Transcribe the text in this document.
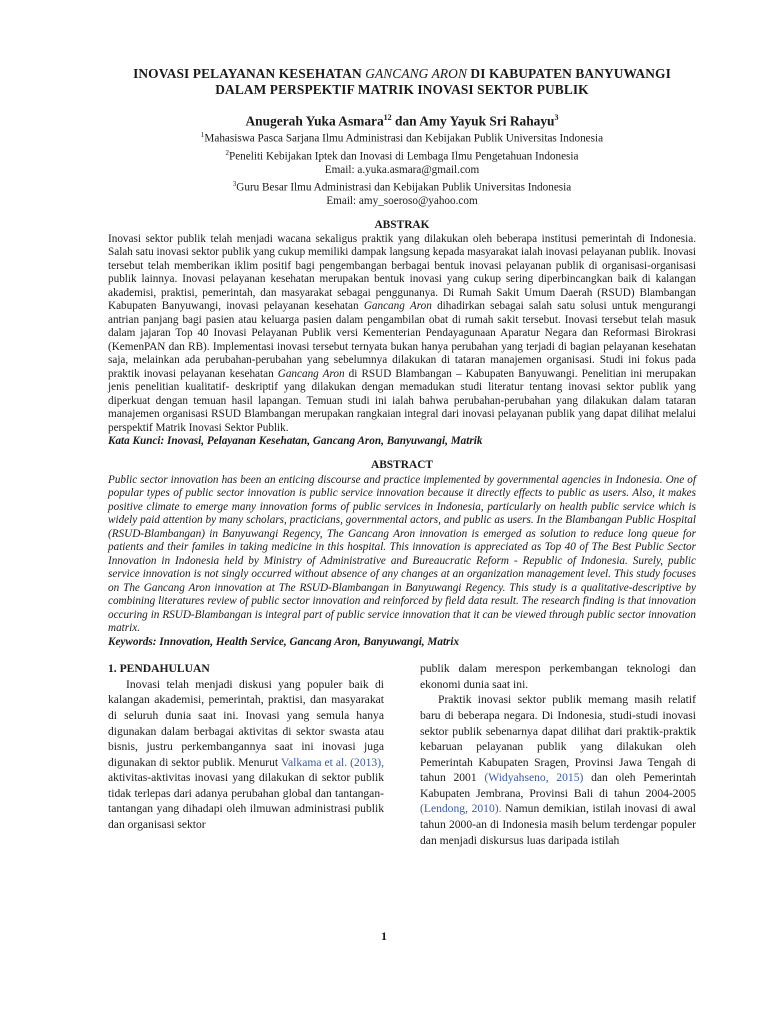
INOVASI PELAYANAN KESEHATAN GANCANG ARON DI KABUPATEN BANYUWANGI
DALAM PERSPEKTIF MATRIK INOVASI SEKTOR PUBLIK
Anugerah Yuka Asmara$^{12}$ dan Amy Yayuk Sri Rahayu$^3$
$^1$Mahasiswa Pasca Sarjana Ilmu Administrasi dan Kebijakan Publik Universitas Indonesia
$^2$Peneliti Kebijakan Iptek dan Inovasi di Lembaga Ilmu Pengetahuan Indonesia
Email: a.yuka.asmara@gmail.com
$^3$Guru Besar Ilmu Administrasi dan Kebijakan Publik Universitas Indonesia
Email: amy_soeroso@yahoo.com
ABSTRAK

Inovasi sektor publik telah menjadi wacana sekaligus praktik yang dilakukan oleh beberapa institusi pemerintah di Indonesia. Salah satu inovasi sektor publik yang cukup memiliki dampak langsung kepada masyarakat ialah inovasi pelayanan publik. Inovasi tersebut telah memberikan iklim positif bagi pengembangan berbagai bentuk inovasi pelayanan publik di organisasi-organisasi publik lainnya. Inovasi pelayanan kesehatan merupakan bentuk inovasi yang cukup sering diperbincangkan baik di kalangan akademisi, praktisi, pemerintah, dan masyarakat sebagai penggunanya. Di Rumah Sakit Umum Daerah (RSUD) Blambangan Kabupaten Banyuwangi, inovasi pelayanan kesehatan Gancang Aron dihadirkan sebagai salah satu solusi untuk mengurangi antrian panjang bagi pasien atau keluarga pasien dalam pengambilan obat di rumah sakit tersebut. Inovasi tersebut telah masuk dalam jajaran Top 40 Inovasi Pelayanan Publik versi Kementerian Pendayagunaan Aparatur Negara dan Reformasi Birokrasi (KemenPAN dan RB). Implementasi inovasi tersebut ternyata bukan hanya perubahan yang terjadi di bagian pelayanan kesehatan saja, melainkan ada perubahan-perubahan yang sebelumnya dilakukan di tataran manajemen organisasi. Studi ini fokus pada praktik inovasi pelayanan kesehatan Gancang Aron di RSUD Blambangan – Kabupaten Banyuwangi. Penelitian ini merupakan jenis penelitian kualitatif- deskriptif yang dilakukan dengan memadukan studi literatur tentang inovasi sektor publik yang diperkuat dengan temuan hasil lapangan. Temuan studi ini ialah bahwa perubahan-perubahan yang dilakukan dalam tataran manajemen organisasi RSUD Blambangan merupakan rangkaian integral dari inovasi pelayanan publik yang dapat dilihat melalui perspektif Matrik Inovasi Sektor Publik.

Kata Kunci: Inovasi, Pelayanan Kesehatan, Gancang Aron, Banyuwangi, Matrik
ABSTRACT

Public sector innovation has been an enticing discourse and practice implemented by governmental agencies in Indonesia. One of popular types of public sector innovation is public service innovation because it directly effects to public as users. Also, it makes positive climate to emerge many innovation forms of public services in Indonesia, particularly on health public service which is widely paid attention by many scholars, practicians, governmental actors, and public as users. In the Blambangan Public Hospital (RSUD-Blambangan) in Banyuwangi Regency, The Gancang Aron innovation is emerged as solution to reduce long queue for patients and their familes in taking medicine in this hospital. This innovation is appreciated as Top 40 of The Best Public Sector Innovation in Indonesia held by Ministry of Administrative and Bureaucratic Reform - Republic of Indonesia. Surely, public service innovation is not singly occurred without absence of any changes at an organization management level. This study focuses on The Gancang Aron innovation at The RSUD-Blambangan in Banyuwangi Regency. This study is a qualitative-descriptive by combining literatures review of public sector innovation and reinforced by field data result. The research finding is that innovation occuring in RSUD-Blambangan is integral part of public service innovation that it can be viewed through public sector innovation matrix.

Keywords: Innovation, Health Service, Gancang Aron, Banyuwangi, Matrix
1. PENDAHULUAN

Inovasi telah menjadi diskusi yang populer baik di kalangan akademisi, pemerintah, praktisi, dan masyarakat di seluruh dunia saat ini. Inovasi yang semula hanya digunakan dalam berbagai aktivitas di sektor swasta atau bisnis, justru perkembangannya saat ini inovasi juga digunakan di sektor publik. Menurut Valkama et al. (2013), aktivitas-aktivitas inovasi yang dilakukan di sektor publik tidak terlepas dari adanya perubahan global dan tantangan-tantangan yang dihadapi oleh ilmuwan administrasi publik dan organisasi sektor

publik dalam merespon perkembangan teknologi dan ekonomi dunia saat ini.

Praktik inovasi sektor publik memang masih relatif baru di beberapa negara. Di Indonesia, studi-studi inovasi sektor publik sebenarnya dapat dilihat dari praktik-praktik kebaruan pelayanan publik yang dilakukan oleh Pemerintah Kabupaten Sragen, Provinsi Jawa Tengah di tahun 2001 (Widyahseno, 2015) dan oleh Pemerintah Kabupaten Jembrana, Provinsi Bali di tahun 2004-2005 (Lendong, 2010). Namun demikian, istilah inovasi di awal tahun 2000-an di Indonesia masih belum terdengar populer dan menjadi diskursus luas daripada istilah

1
